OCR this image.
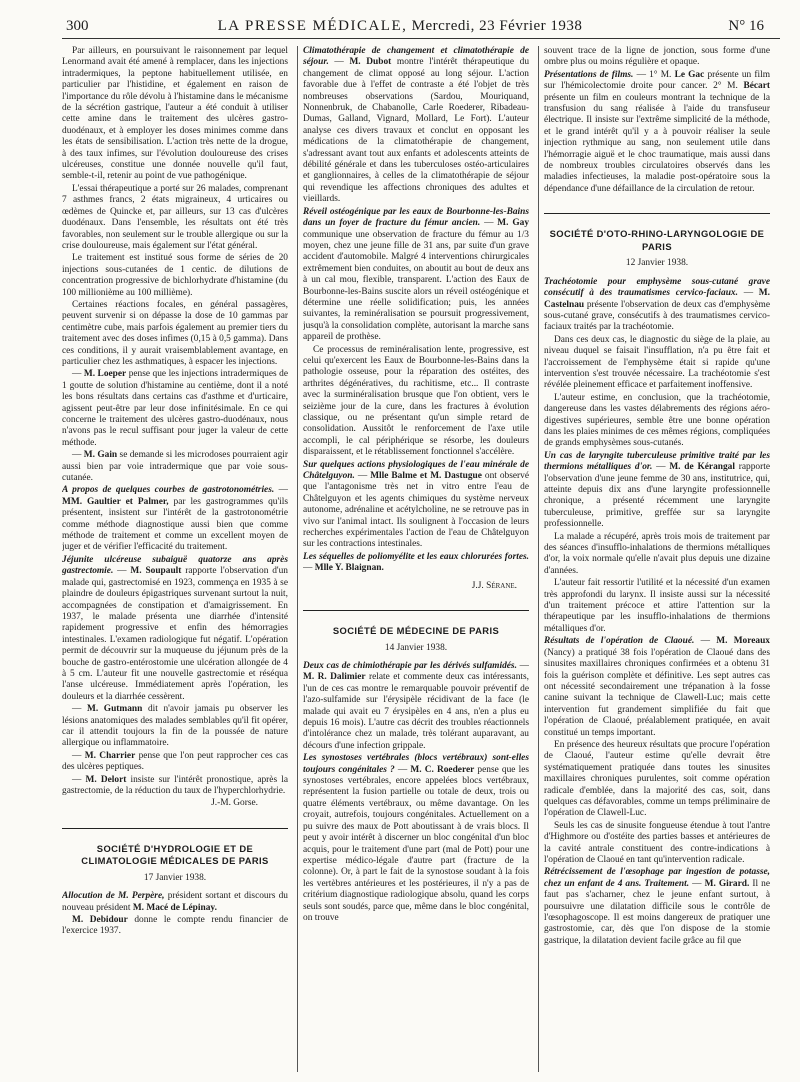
300	LA PRESSE MÉDICALE, Mercredi, 23 Février 1938	N° 16

Par ailleurs, en poursuivant le raisonnement par lequel Lenormand avait été amené à remplacer, dans les injections intradermiques, la peptone habituellement utilisée, en particulier par l'histidine, et également en raison de l'importance du rôle dévolu à l'histamine dans le mécanisme de la sécrétion gastrique, l'auteur a été conduit à utiliser cette amine dans le traitement des ulcères gastro-duodénaux, et à employer les doses minimes comme dans les états de sensibilisation. L'action très nette de la drogue, à des taux infimes, sur l'évolution douloureuse des crises ulcéreuses, constitue une donnée nouvelle qu'il faut, semble-t-il, retenir au point de vue pathogénique.

L'essai thérapeutique a porté sur 26 malades, comprenant 7 asthmes francs, 2 états migraineux, 4 urticaires ou œdèmes de Quincke et, par ailleurs, sur 13 cas d'ulcères duodénaux. Dans l'ensemble, les résultats ont été très favorables, non seulement sur le trouble allergique ou sur la crise douloureuse, mais également sur l'état général.

Le traitement est institué sous forme de séries de 20 injections sous-cutanées de 1 centic. de dilutions de concentration progressive de bichlorhydrate d'histamine (du 100 millionième au 100 millième).

Certaines réactions focales, en général passagères, peuvent survenir si on dépasse la dose de 10 gammas par centimètre cube, mais parfois également au premier tiers du traitement avec des doses infimes (0,15 à 0,5 gamma). Dans ces conditions, il y aurait vraisemblablement avantage, en particulier chez les asthmatiques, à espacer les injections.

— M. Loeper pense que les injections intradermiques de 1 goutte de solution d'histamine au centième, dont il a noté les bons résultats dans certains cas d'asthme et d'urticaire, agissent peut-être par leur dose infinitésimale. En ce qui concerne le traitement des ulcères gastro-duodénaux, nous n'avons pas le recul suffisant pour juger la valeur de cette méthode.

— M. Gain se demande si les microdoses pourraient agir aussi bien par voie intradermique que par voie sous-cutanée.

A propos de quelques courbes de gastrotonométries. — MM. Gaultier et Palmer, par les gastrogrammes qu'ils présentent, insistent sur l'intérêt de la gastrotonométrie comme méthode diagnostique aussi bien que comme méthode de traitement et comme un excellent moyen de juger et de vérifier l'efficacité du traitement.

Jéjunite ulcéreuse subaiguë quatorze ans après gastrectomie. — M. Soupault rapporte l'observation d'un malade qui, gastrectomisé en 1923, commença en 1935 à se plaindre de douleurs épigastriques survenant surtout la nuit, accompagnées de constipation et d'amaigrissement. En 1937, le malade présenta une diarrhée d'intensité rapidement progressive et enfin des hémorragies intestinales. L'examen radiologique fut négatif. L'opération permit de découvrir sur la muqueuse du jéjunum près de la bouche de gastro-entérostomie une ulcération allongée de 4 à 5 cm. L'auteur fit une nouvelle gastrectomie et réséqua l'anse ulcéreuse. Immédiatement après l'opération, les douleurs et la diarrhée cessèrent.

— M. Gutmann dit n'avoir jamais pu observer les lésions anatomiques des malades semblables qu'il fit opérer, car il attendit toujours la fin de la poussée de nature allergique ou inflammatoire.

— M. Charrier pense que l'on peut rapprocher ces cas des ulcères peptiques.

— M. Delort insiste sur l'intérêt pronostique, après la gastrectomie, de la réduction du taux de l'hyperchlorhydrie.

J.-M. Gorse.
SOCIÉTÉ D'HYDROLOGIE ET DE CLIMATOLOGIE MÉDICALES DE PARIS
17 Janvier 1938.

Allocution de M. Perpère, président sortant et discours du nouveau président M. Macé de Lépinay.

M. Debidour donne le compte rendu financier de l'exercice 1937.

Climatothérapie de changement et climatothérapie de séjour. — M. Dubot montre l'intérêt thérapeutique du changement de climat opposé au long séjour. L'action favorable due à l'effet de contraste a été l'objet de très nombreuses observations (Sardou, Mouriquand, Nonnenbruk, de Chabanolle, Carle Roederer, Ribadeau-Dumas, Galland, Vignard, Mollard, Le Fort). L'auteur analyse ces divers travaux et conclut en opposant les médications de la climatothérapie de changement, s'adressant avant tout aux enfants et adolescents atteints de débilité générale et dans les tuberculoses ostéo-articulaires et ganglionnaires, à celles de la climatothérapie de séjour qui revendique les affections chroniques des adultes et vieillards.

Réveil ostéogénique par les eaux de Bourbonne-les-Bains dans un foyer de fracture du fémur ancien. — M. Gay communique une observation de fracture du fémur au 1/3 moyen, chez une jeune fille de 31 ans, par suite d'un grave accident d'automobile. Malgré 4 interventions chirurgicales extrêmement bien conduites, on aboutit au bout de deux ans à un cal mou, flexible, transparent. L'action des Eaux de Bourbonne-les-Bains suscite alors un réveil ostéogénique et détermine une réelle solidification; puis, les années suivantes, la reminéralisation se poursuit progressivement, jusqu'à la consolidation complète, autorisant la marche sans appareil de prothèse.

Ce processus de reminéralisation lente, progressive, est celui qu'exercent les Eaux de Bourbonne-les-Bains dans la pathologie osseuse, pour la réparation des ostéites, des arthrites dégénératives, du rachitisme, etc... Il contraste avec la surminéralisation brusque que l'on obtient, vers le seizième jour de la cure, dans les fractures à évolution classique, ou ne présentant qu'un simple retard de consolidation. Aussitôt le renforcement de l'axe utile accompli, le cal périphérique se résorbe, les douleurs disparaissent, et le rétablissement fonctionnel s'accélère.

Sur quelques actions physiologiques de l'eau minérale de Châtelguyon. — Mlle Balme et M. Dastugue ont observé que l'antagonisme très net in vitro entre l'eau de Châtelguyon et les agents chimiques du système nerveux autonome, adrénaline et acétylcholine, ne se retrouve pas in vivo sur l'animal intact. Ils soulignent à l'occasion de leurs recherches expérimentales l'action de l'eau de Châtelguyon sur les contractions intestinales.

Les séquelles de poliomyélite et les eaux chlorurées fortes. — Mlle Y. Blaignan.

J.J. Sérane.
SOCIÉTÉ DE MÉDECINE DE PARIS
14 Janvier 1938.

Deux cas de chimiothérapie par les dérivés sulfamidés. — M. R. Dalimier relate et commente deux cas intéressants, l'un de ces cas montre le remarquable pouvoir préventif de l'azo-sulfamide sur l'érysipèle récidivant de la face (le malade qui avait eu 7 érysipèles en 4 ans, n'en a plus eu depuis 16 mois). L'autre cas décrit des troubles réactionnels d'intolérance chez un malade, très tolérant auparavant, au décours d'une infection grippale.

Les synostoses vertébrales (blocs vertébraux) sont-elles toujours congénitales ? — M. C. Roederer pense que les synostoses vertébrales, encore appelées blocs vertébraux, représentent la fusion partielle ou totale de deux, trois ou quatre éléments vertébraux, ou même davantage. On les croyait, autrefois, toujours congénitales. Actuellement on a pu suivre des maux de Pott aboutissant à de vrais blocs. Il peut y avoir intérêt à discerner un bloc congénital d'un bloc acquis, pour le traitement d'une part (mal de Pott) pour une expertise médico-légale d'autre part (fracture de la colonne). Or, à part le fait de la synostose soudant à la fois les vertèbres antérieures et les postérieures, il n'y a pas de critérium diagnostique radiologique absolu, quand les corps seuls sont soudés, parce que, même dans le bloc congénital, on trouve

souvent trace de la ligne de jonction, sous forme d'une ombre plus ou moins régulière et opaque.

Présentations de films. — 1° M. Le Gac présente un film sur l'hémicolectomie droite pour cancer. 2° M. Bécart présente un film en couleurs montrant la technique de la transfusion du sang réalisée à l'aide du transfuseur électrique. Il insiste sur l'extrême simplicité de la méthode, et le grand intérêt qu'il y a à pouvoir réaliser la seule injection rythmique au sang, non seulement utile dans l'hémorragie aiguë et le choc traumatique, mais aussi dans de nombreux troubles circulatoires observés dans les maladies infectieuses, la maladie post-opératoire sous la dépendance d'une défaillance de la circulation de retour.

SOCIÉTÉ D'OTO-RHINO-LARYNGOLOGIE DE PARIS
12 Janvier 1938.

Trachéotomie pour emphysème sous-cutané grave consécutif à des traumatismes cervico-faciaux. — M. Castelnau présente l'observation de deux cas d'emphysème sous-cutané grave, consécutifs à des traumatismes cervico-faciaux traités par la trachéotomie.

Dans ces deux cas, le diagnostic du siège de la plaie, au niveau duquel se faisait l'insufflation, n'a pu être fait et l'accroissement de l'emphysème était si rapide qu'une intervention s'est trouvée nécessaire. La trachéotomie s'est révélée pleinement efficace et parfaitement inoffensive.

L'auteur estime, en conclusion, que la trachéotomie, dangereuse dans les vastes délabrements des régions aéro-digestives supérieures, semble être une bonne opération dans les plaies minimes de ces mêmes régions, compliquées de grands emphysèmes sous-cutanés.

Un cas de laryngite tuberculeuse primitive traité par les thermions métalliques d'or. — M. de Kérangal rapporte l'observation d'une jeune femme de 30 ans, institutrice, qui, atteinte depuis dix ans d'une laryngite professionnelle chronique, a présenté récemment une laryngite tuberculeuse, primitive, greffée sur sa laryngite professionnelle.

La malade a récupéré, après trois mois de traitement par des séances d'insufflo-inhalations de thermions métalliques d'or, la voix normale qu'elle n'avait plus depuis une dizaine d'années.

L'auteur fait ressortir l'utilité et la nécessité d'un examen très approfondi du larynx. Il insiste aussi sur la nécessité d'un traitement précoce et attire l'attention sur la thérapeutique par les insufflo-inhalations de thermions métalliques d'or.

Résultats de l'opération de Claoué. — M. Moreaux (Nancy) a pratiqué 38 fois l'opération de Claoué dans des sinusites maxillaires chroniques confirmées et a obtenu 31 fois la guérison complète et définitive. Les sept autres cas ont nécessité secondairement une trépanation à la fosse canine suivant la technique de Clawell-Luc; mais cette intervention fut grandement simplifiée du fait que l'opération de Claoué, préalablement pratiquée, en avait constitué un temps important.

En présence des heureux résultats que procure l'opération de Claoué, l'auteur estime qu'elle devrait être systématiquement pratiquée dans toutes les sinusites maxillaires chroniques purulentes, soit comme opération radicale d'emblée, dans la majorité des cas, soit, dans quelques cas défavorables, comme un temps préliminaire de l'opération de Clawell-Luc.

Seuls les cas de sinusite fongueuse étendue à tout l'antre d'Highmore ou d'ostéite des parties basses et antérieures de la cavité antrale constituent des contre-indications à l'opération de Claoué en tant qu'intervention radicale.

Rétrécissement de l'œsophage par ingestion de potasse, chez un enfant de 4 ans. Traitement. — M. Girard. Il ne faut pas s'acharner, chez le jeune enfant surtout, à poursuivre une dilatation difficile sous le contrôle de l'œsophagoscope. Il est moins dangereux de pratiquer une gastrostomie, car, dès que l'on dispose de la stomie gastrique, la dilatation devient facile grâce au fil que
